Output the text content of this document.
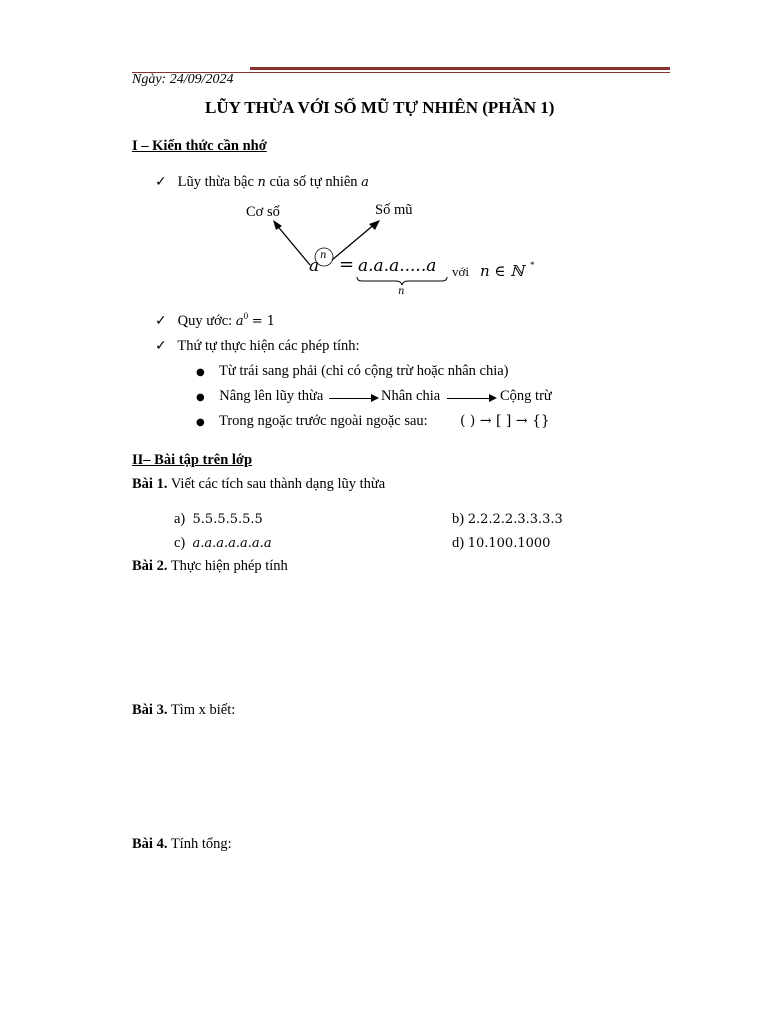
Ngày: 24/09/2024
LŨY THỪA VỚI SỐ MŨ TỰ NHIÊN (PHẦN 1)
I – Kiến thức cần nhớ
✓ Lũy thừa bậc n của số tự nhiên a
Cơ số	Số mũ
a
n = a.a.a.....a
n
với n ∈ ℕ *
✓ Quy ước: $a^0 = 1$
✓ Thứ tự thực hiện các phép tính:
● Từ trái sang phải (chỉ có cộng trừ hoặc nhân chia)
● Nâng lên lũy thừa	Nhân chia	Cộng trừ
● Trong ngoặc trước ngoài ngoặc sau: ( ) → [ ] → {}
II– Bài tập trên lớp
Bài 1. Viết các tích sau thành dạng lũy thừa
a) 5.5.5.5.5.5	b) 2.2.2.2.3.3.3.3
c) a.a.a.a.a.a.a	d) 10.100.1000
Bài 2. Thực hiện phép tính
Bài 3. Tìm x biết:
Bài 4. Tính tổng:
